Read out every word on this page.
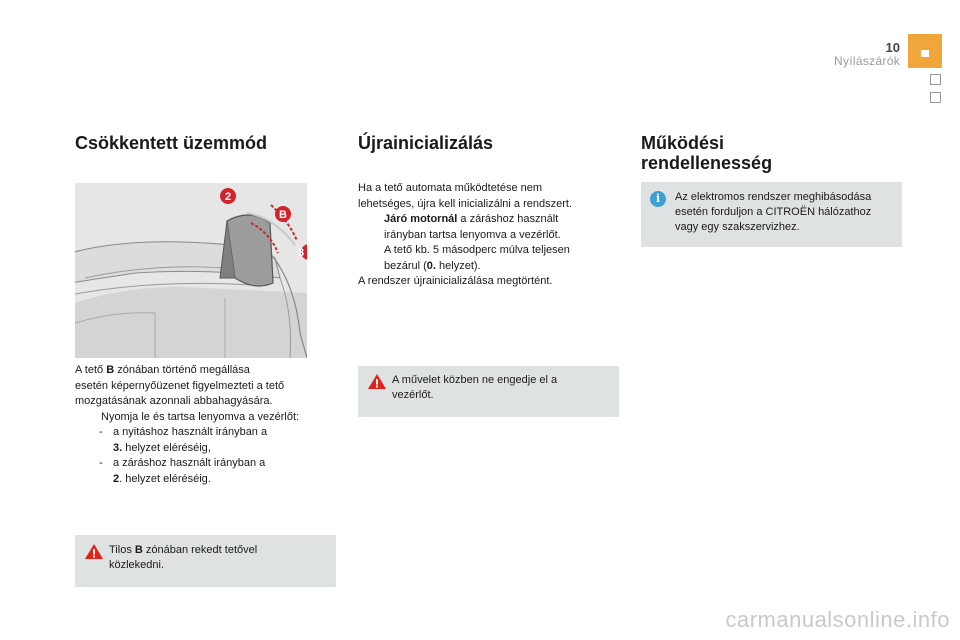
10
Nyílászárók
Csökkentett üzemmód	Újrainicializálás	Működési
rendellenesség
2
B
3
A tető B zónában történő megállása
esetén képernyőüzenet figyelmezteti a tető
mozgatásának azonnali abbahagyására.
Nyomja le és tartsa lenyomva a vezérlőt:
- a nyitáshoz használt irányban a
3. helyzet eléréséig,
- a záráshoz használt irányban a
2. helyzet eléréséig.
Ha a tető automata működtetése nem
lehetséges, újra kell inicializálni a rendszert.
Járó motornál a záráshoz használt
irányban tartsa lenyomva a vezérlőt.
A tető kb. 5 másodperc múlva teljesen
bezárul (0. helyzet).
A rendszer újrainicializálása megtörtént.
Tilos B zónában rekedt tetővel
közlekedni.
A művelet közben ne engedje el a
vezérlőt.
i	Az elektromos rendszer meghibásodása
esetén forduljon a CITROËN hálózathoz
vagy egy szakszervizhez.
carmanualsonline.info
